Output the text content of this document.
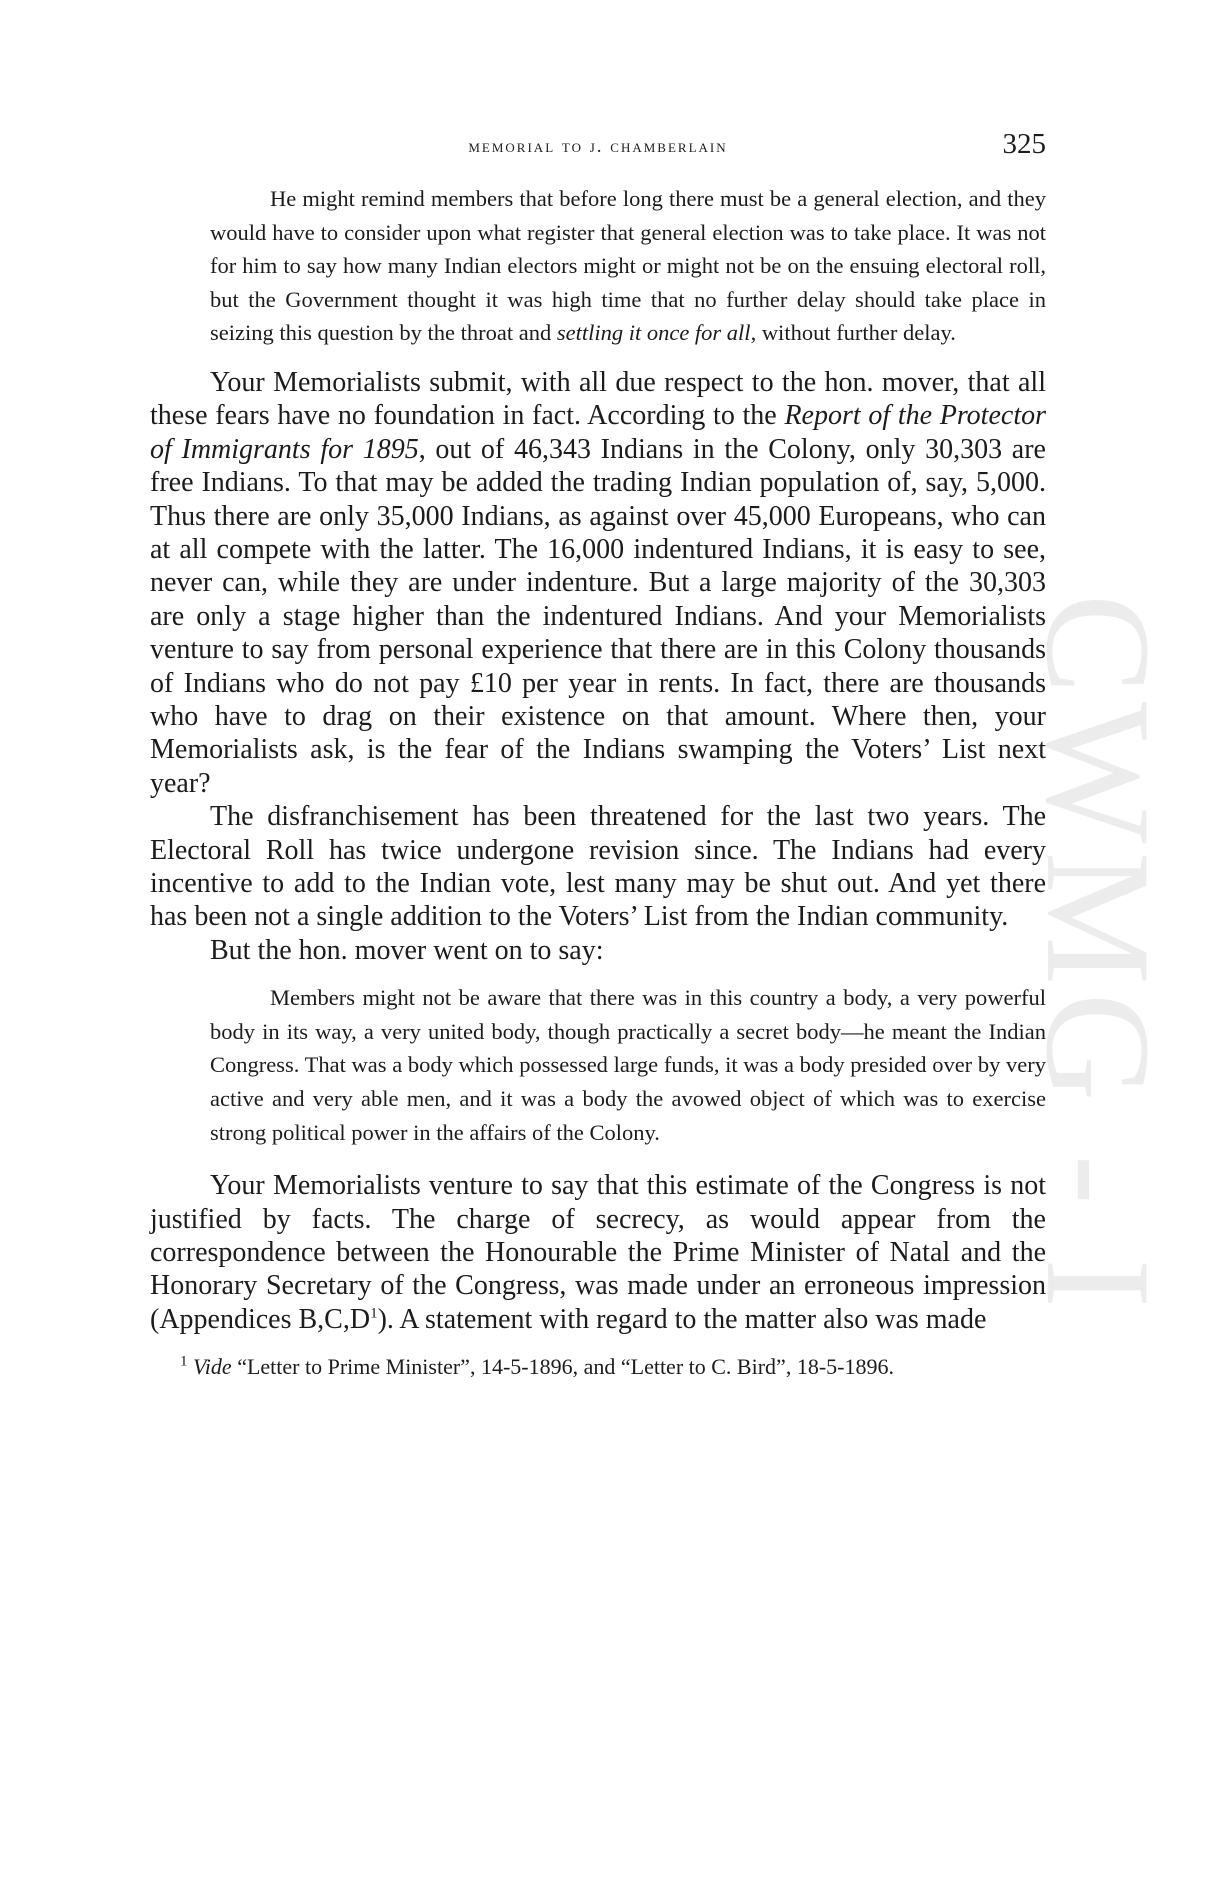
CWMG - I
memorial to j. chamberlain	325

He might remind members that before long there must be a general election, and they would have to consider upon what register that general election was to take place. It was not for him to say how many Indian electors might or might not be on the ensuing electoral roll, but the Government thought it was high time that no further delay should take place in seizing this question by the throat and settling it once for all, without further delay.

Your Memorialists submit, with all due respect to the hon. mover, that all these fears have no foundation in fact. According to the Report of the Protector of Immigrants for 1895, out of 46,343 Indians in the Colony, only 30,303 are free Indians. To that may be added the trading Indian population of, say, 5,000. Thus there are only 35,000 Indians, as against over 45,000 Europeans, who can at all compete with the latter. The 16,000 indentured Indians, it is easy to see, never can, while they are under indenture. But a large majority of the 30,303 are only a stage higher than the indentured Indians. And your Memorialists venture to say from personal experience that there are in this Colony thousands of Indians who do not pay £10 per year in rents. In fact, there are thousands who have to drag on their existence on that amount. Where then, your Memorialists ask, is the fear of the Indians swamping the Voters’ List next year?

The disfranchisement has been threatened for the last two years. The Electoral Roll has twice undergone revision since. The Indians had every incentive to add to the Indian vote, lest many may be shut out. And yet there has been not a single addition to the Voters’ List from the Indian community.

But the hon. mover went on to say:

Members might not be aware that there was in this country a body, a very powerful body in its way, a very united body, though practically a secret body—he meant the Indian Congress. That was a body which possessed large funds, it was a body presided over by very active and very able men, and it was a body the avowed object of which was to exercise strong political power in the affairs of the Colony.

Your Memorialists venture to say that this estimate of the Congress is not justified by facts. The charge of secrecy, as would appear from the correspondence between the Honourable the Prime Minister of Natal and the Honorary Secretary of the Congress, was made under an erroneous impression (Appendices B,C,D$^1$). A statement with regard to the matter also was made

$^1$ Vide “Letter to Prime Minister”, 14-5-1896, and “Letter to C. Bird”, 18-5-1896.
